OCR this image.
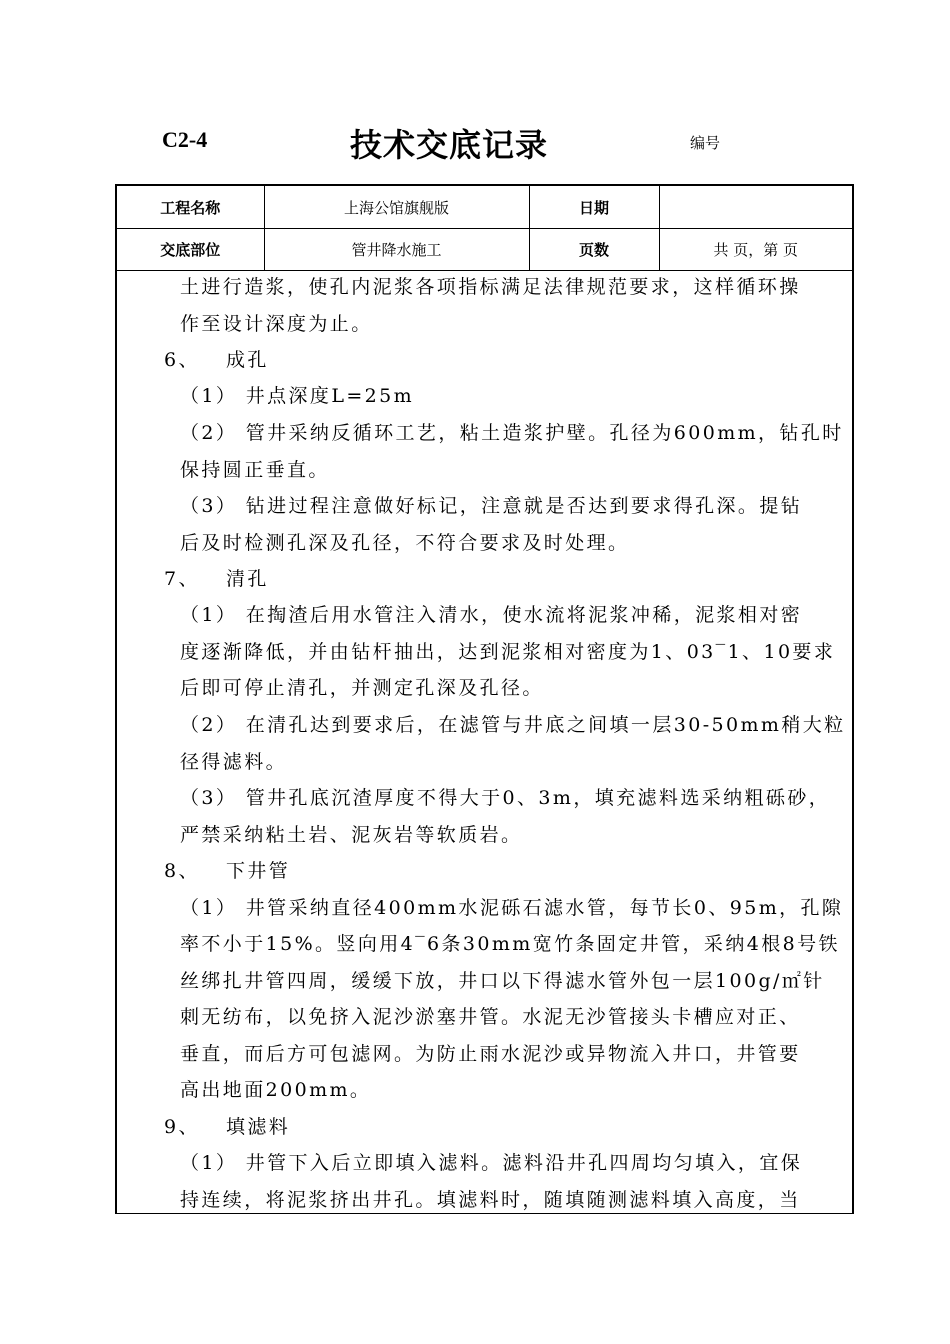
C2-4	技术交底记录	编号
工程名称	上海公馆旗舰版	日期	
交底部位	管井降水施工	页数	共 页，第 页
土进行造浆，使孔内泥浆各项指标满足法律规范要求，这样循环操
作至设计深度为止。
6、 成孔
（1） 井点深度L=25m
（2） 管井采纳反循环工艺，粘土造浆护壁。孔径为600mm，钻孔时
保持圆正垂直。
（3） 钻进过程注意做好标记，注意就是否达到要求得孔深。提钻
后及时检测孔深及孔径，不符合要求及时处理。
7、 清孔
（1） 在掏渣后用水管注入清水，使水流将泥浆冲稀，泥浆相对密
度逐渐降低，并由钻杆抽出，达到泥浆相对密度为1、03‾1、10要求
后即可停止清孔，并测定孔深及孔径。
（2） 在清孔达到要求后，在滤管与井底之间填一层30-50mm稍大粒
径得滤料。
（3） 管井孔底沉渣厚度不得大于0、3m，填充滤料选采纳粗砾砂，
严禁采纳粘土岩、泥灰岩等软质岩。
8、 下井管
（1） 井管采纳直径400mm水泥砾石滤水管，每节长0、95m，孔隙
率不小于15%。竖向用4‾6条30mm宽竹条固定井管，采纳4根8号铁
丝绑扎井管四周，缓缓下放，井口以下得滤水管外包一层100g/㎡针
刺无纺布，以免挤入泥沙淤塞井管。水泥无沙管接头卡槽应对正、
垂直，而后方可包滤网。为防止雨水泥沙或异物流入井口，井管要
高出地面200mm。
9、 填滤料
（1） 井管下入后立即填入滤料。滤料沿井孔四周均匀填入，宜保
持连续，将泥浆挤出井孔。填滤料时，随填随测滤料填入高度，当
